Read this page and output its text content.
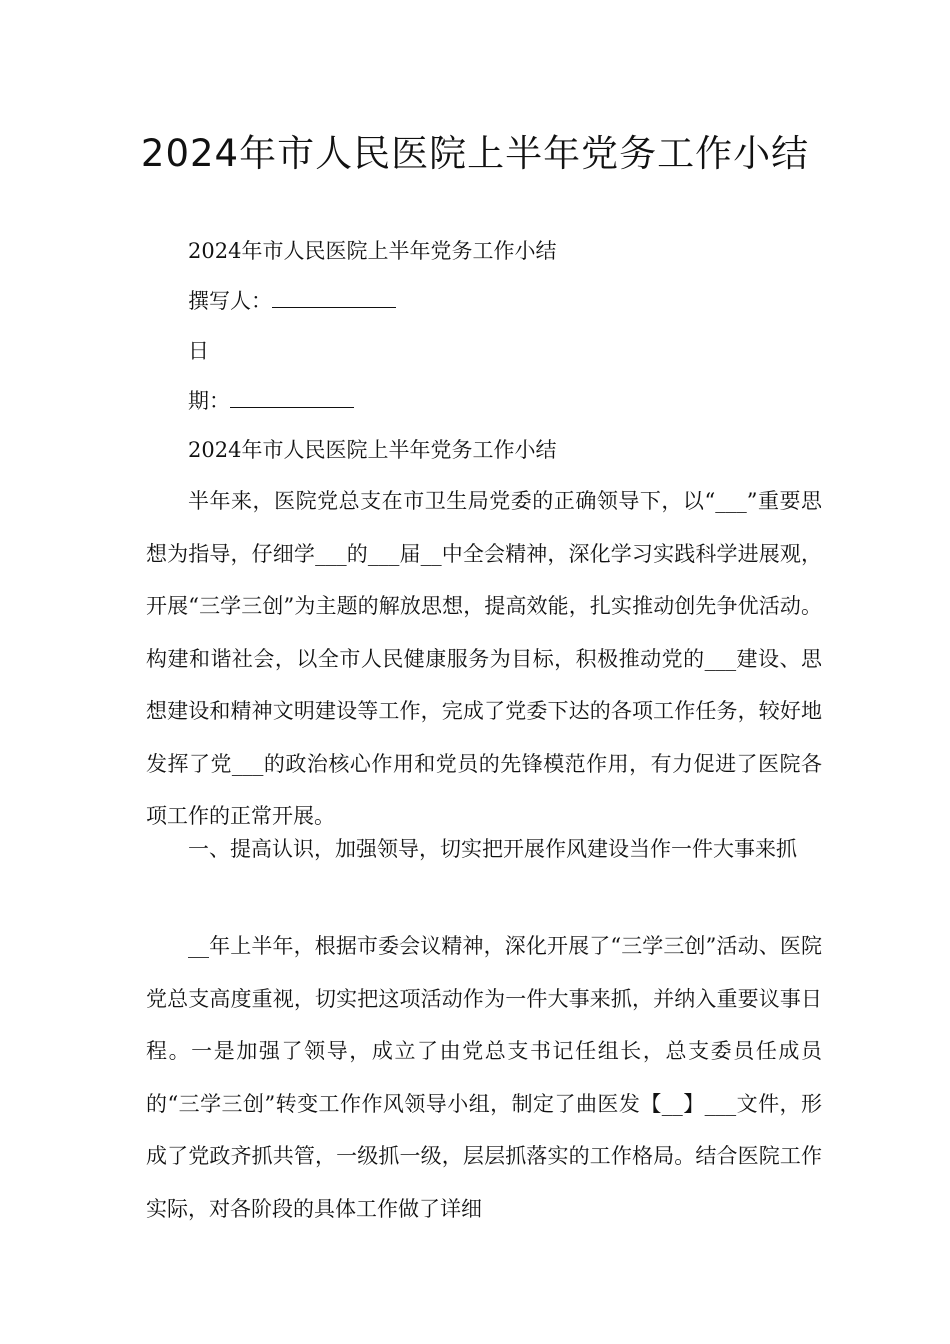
2024年市人民医院上半年党务工作小结

2024年市人民医院上半年党务工作小结

撰写人：

日

期：

2024年市人民医院上半年党务工作小结

半年来，医院党总支在市卫生局党委的正确领导下，以“___”重要思想为指导，仔细学___的___届__中全会精神，深化学习实践科学进展观，开展“三学三创”为主题的解放思想，提高效能，扎实推动创先争优活动。构建和谐社会，以全市人民健康服务为目标，积极推动党的___建设、思想建设和精神文明建设等工作，完成了党委下达的各项工作任务，较好地发挥了党___的政治核心作用和党员的先锋模范作用，有力促进了医院各项工作的正常开展。

一、提高认识，加强领导，切实把开展作风建设当作一件大事来抓

__年上半年，根据市委会议精神，深化开展了“三学三创”活动、医院党总支高度重视，切实把这项活动作为一件大事来抓，并纳入重要议事日程。一是加强了领导，成立了由党总支书记任组长，总支委员任成员的“三学三创”转变工作作风领导小组，制定了曲医发【__】___文件，形成了党政齐抓共管，一级抓一级，层层抓落实的工作格局。结合医院工作实际，对各阶段的具体工作做了详细
